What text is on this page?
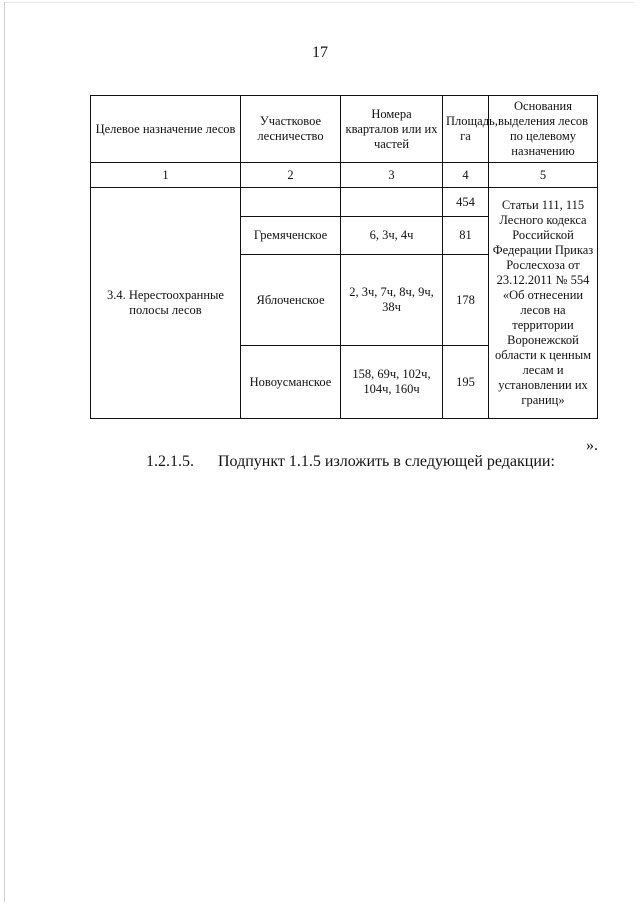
17
Целевое назначение лесов	Участковое лесничество	Номера кварталов или их частей	Площадь, га	Основания выделения лесов по целевому назначению
1	2	3	4	5
3.4. Нерестоохранные полосы лесов			454	Статьи 111, 115 Лесного кодекса Российской Федерации Приказ Рослесхоза от 23.12.2011 № 554 «Об отнесении лесов на территории Воронежской области к ценным лесам и установлении их границ»
	Гремяченское	6, 3ч, 4ч	81	
	Яблоченское	2, 3ч, 7ч, 8ч, 9ч, 38ч	178	
	Новоусманское	158, 69ч, 102ч, 104ч, 160ч	195	
».
1.2.1.5. Подпункт 1.1.5 изложить в следующей редакции:
